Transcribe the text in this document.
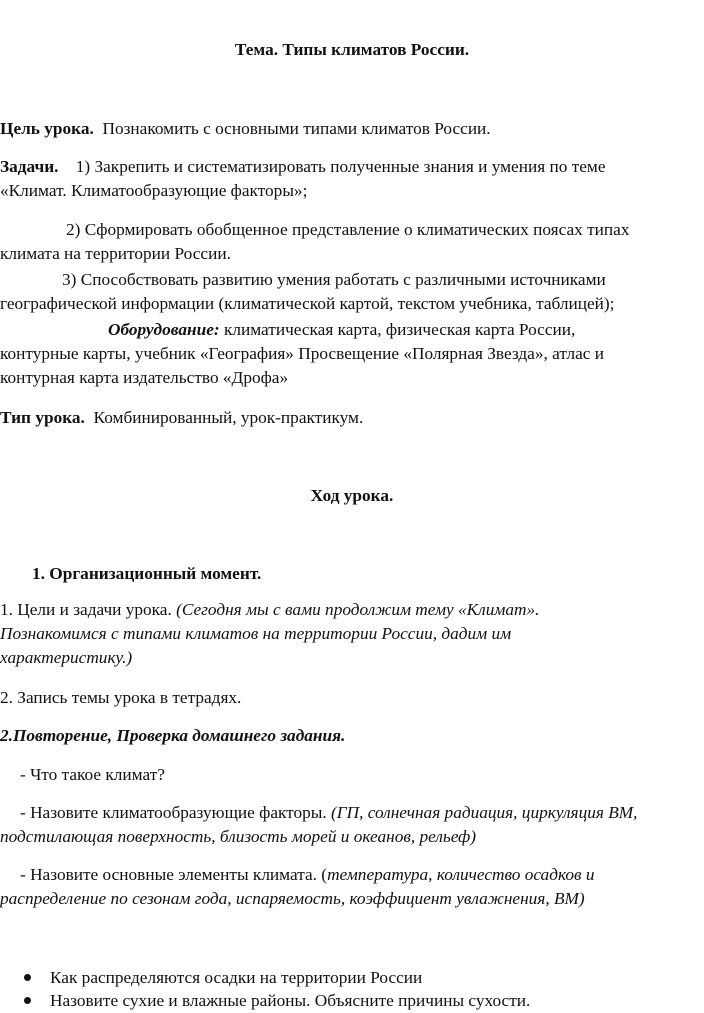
Тема. Типы климатов России.
Цель урока. Познакомить с основными типами климатов России.
Задачи. 1) Закрепить и систематизировать полученные знания и умения по теме
«Климат. Климатообразующие факторы»;
2) Сформировать обобщенное представление о климатических поясах типах
климата на территории России.
3) Способствовать развитию умения работать с различными источниками
географической информации (климатической картой, текстом учебника, таблицей);
Оборудование: климатическая карта, физическая карта России,
контурные карты, учебник «География» Просвещение «Полярная Звезда», атлас и
контурная карта издательство «Дрофа»
Тип урока. Комбинированный, урок-практикум.
Ход урока.
1. Организационный момент.
1. Цели и задачи урока. (Сегодня мы с вами продолжим тему «Климат».
Познакомимся с типами климатов на территории России, дадим им
характеристику.)
2. Запись темы урока в тетрадях.
2.Повторение, Проверка домашнего задания.
- Что такое климат?
- Назовите климатообразующие факторы. (ГП, солнечная радиация, циркуляция ВМ,
подстилающая поверхность, близость морей и океанов, рельеф)
- Назовите основные элементы климата. (температура, количество осадков и
распределение по сезонам года, испаряемость, коэффициент увлажнения, ВМ)
Как распределяются осадки на территории России
Назовите сухие и влажные районы. Объясните причины сухости.
